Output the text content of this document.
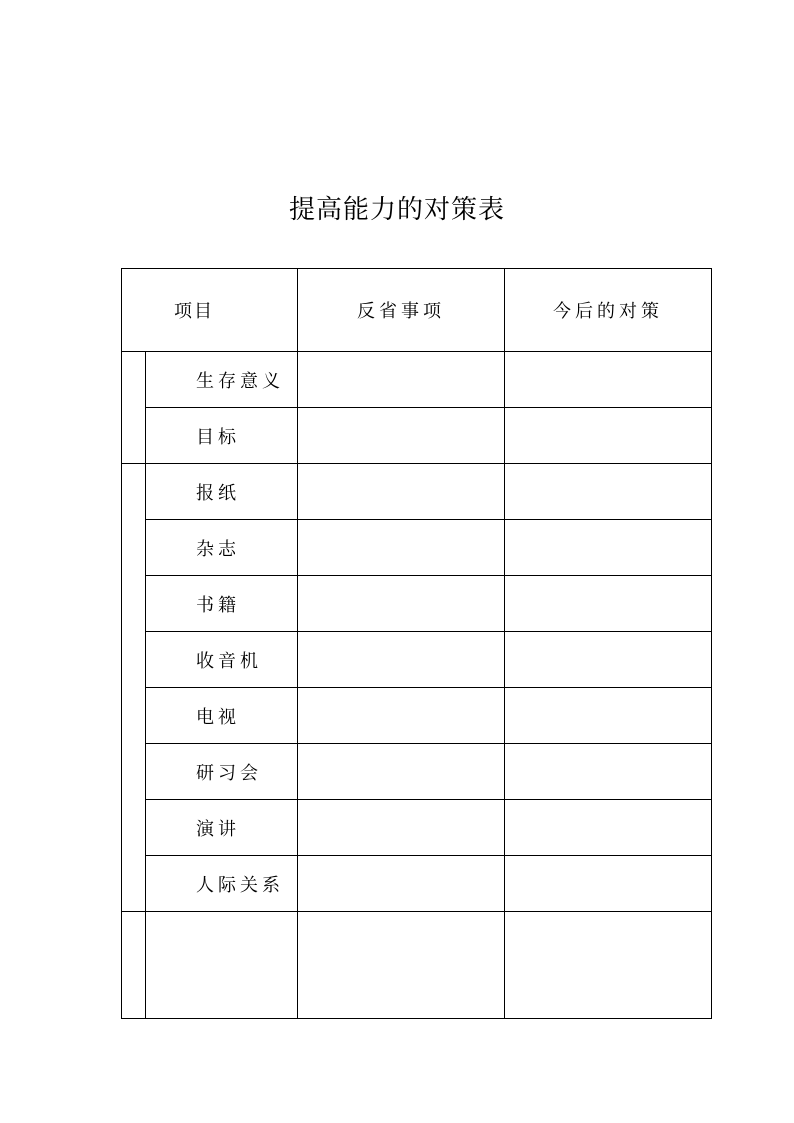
提高能力的对策表
项目		反省事项	今后的对策
	生存意义		
	目标		
	报纸		
	杂志		
	书籍		
	收音机		
	电视		
	研习会		
	演讲		
	人际关系		
